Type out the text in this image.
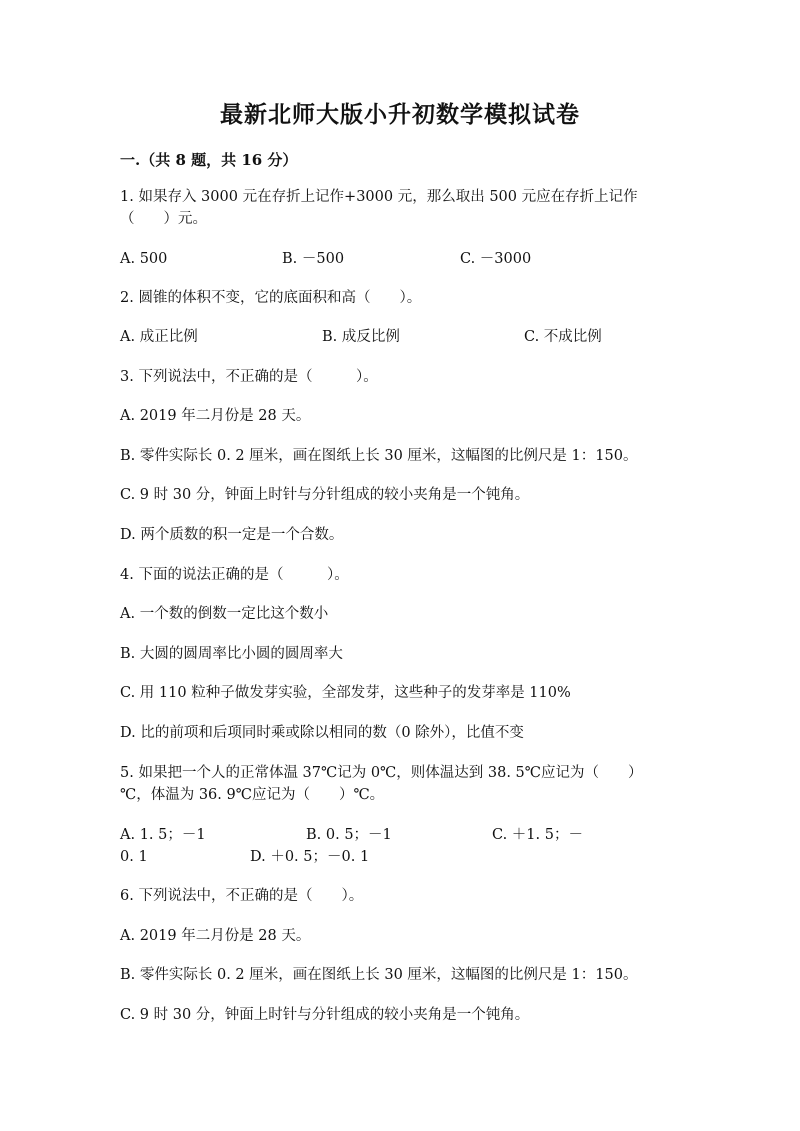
最新北师大版小升初数学模拟试卷
一.（共 8 题，共 16 分）
1. 如果存入 3000 元在存折上记作+3000 元，那么取出 500 元应在存折上记作
（　　）元。
A. 500	B. －500	C. －3000
2. 圆锥的体积不变，它的底面积和高（　　）。
A. 成正比例	B. 成反比例	C. 不成比例
3. 下列说法中，不正确的是（　　　）。
A. 2019 年二月份是 28 天。
B. 零件实际长 0. 2 厘米，画在图纸上长 30 厘米，这幅图的比例尺是 1：150。
C. 9 时 30 分，钟面上时针与分针组成的较小夹角是一个钝角。
D. 两个质数的积一定是一个合数。
4. 下面的说法正确的是（　　　）。
A. 一个数的倒数一定比这个数小
B. 大圆的圆周率比小圆的圆周率大
C. 用 110 粒种子做发芽实验，全部发芽，这些种子的发芽率是 110%
D. 比的前项和后项同时乘或除以相同的数（0 除外），比值不变
5. 如果把一个人的正常体温 37℃记为 0℃，则体温达到 38. 5℃应记为（　　）
℃，体温为 36. 9℃应记为（　　）℃。
A. 1. 5；－1	B. 0. 5；－1	C. ＋1. 5；－
0. 1	D. ＋0. 5；－0. 1
6. 下列说法中，不正确的是（　　）。
A. 2019 年二月份是 28 天。
B. 零件实际长 0. 2 厘米，画在图纸上长 30 厘米，这幅图的比例尺是 1：150。
C. 9 时 30 分，钟面上时针与分针组成的较小夹角是一个钝角。
